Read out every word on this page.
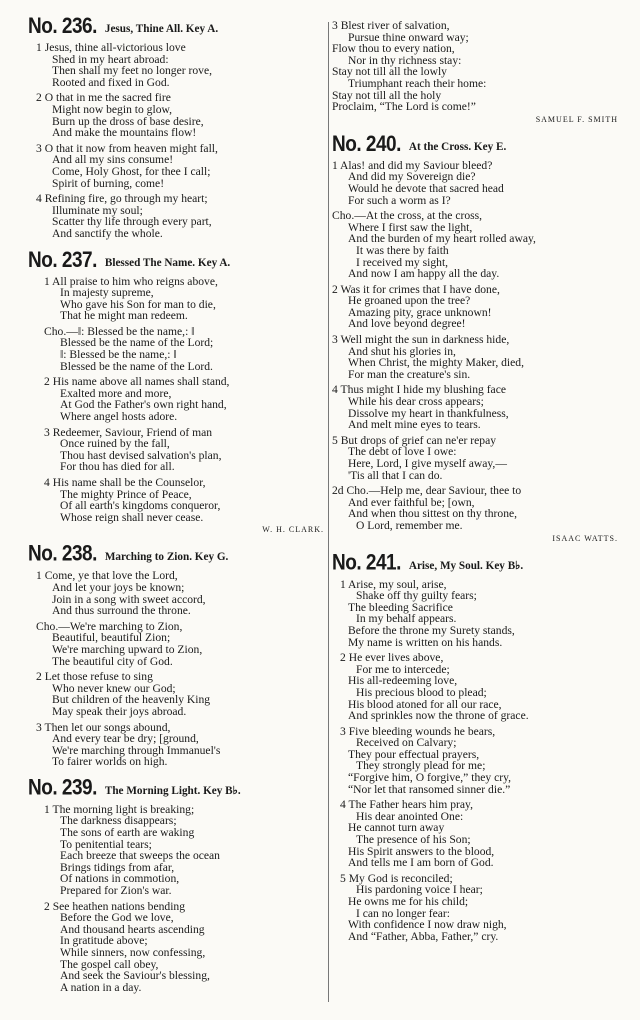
No. 236. Jesus, Thine All. Key A.
1 Jesus, thine all-victorious love
Shed in my heart abroad:
Then shall my feet no longer rove,
Rooted and fixed in God.
2 O that in me the sacred fire
Might now begin to glow,
Burn up the dross of base desire,
And make the mountains flow!
3 O that it now from heaven might fall,
And all my sins consume!
Come, Holy Ghost, for thee I call;
Spirit of burning, come!
4 Refining fire, go through my heart;
Illuminate my soul;
Scatter thy life through every part,
And sanctify the whole.
No. 237. Blessed The Name. Key A.
1 All praise to him who reigns above,
In majesty supreme,
Who gave his Son for man to die,
That he might man redeem.
Cho.—‖: Blessed be the name,: ‖
Blessed be the name of the Lord;
‖: Blessed be the name,: ‖
Blessed be the name of the Lord.
2 His name above all names shall stand,
Exalted more and more,
At God the Father's own right hand,
Where angel hosts adore.
3 Redeemer, Saviour, Friend of man
Once ruined by the fall,
Thou hast devised salvation's plan,
For thou has died for all.
4 His name shall be the Counselor,
The mighty Prince of Peace,
Of all earth's kingdoms conqueror,
Whose reign shall never cease.
W. H. CLARK.
No. 238. Marching to Zion. Key G.
1 Come, ye that love the Lord,
And let your joys be known;
Join in a song with sweet accord,
And thus surround the throne.
Cho.—We're marching to Zion,
Beautiful, beautiful Zion;
We're marching upward to Zion,
The beautiful city of God.
2 Let those refuse to sing
Who never knew our God;
But children of the heavenly King
May speak their joys abroad.
3 Then let our songs abound,
And every tear be dry; [ground,
We're marching through Immanuel's
To fairer worlds on high.
No. 239. The Morning Light. Key B♭.
1 The morning light is breaking;
The darkness disappears;
The sons of earth are waking
To penitential tears;
Each breeze that sweeps the ocean
Brings tidings from afar,
Of nations in commotion,
Prepared for Zion's war.
2 See heathen nations bending
Before the God we love,
And thousand hearts ascending
In gratitude above;
While sinners, now confessing,
The gospel call obey,
And seek the Saviour's blessing,
A nation in a day.
3 Blest river of salvation,
Pursue thine onward way;
Flow thou to every nation,
Nor in thy richness stay:
Stay not till all the lowly
Triumphant reach their home:
Stay not till all the holy
Proclaim, “The Lord is come!”
SAMUEL F. SMITH
No. 240. At the Cross. Key E.
1 Alas! and did my Saviour bleed?
And did my Sovereign die?
Would he devote that sacred head
For such a worm as I?
Cho.—At the cross, at the cross,
Where I first saw the light,
And the burden of my heart rolled away,
It was there by faith
I received my sight,
And now I am happy all the day.
2 Was it for crimes that I have done,
He groaned upon the tree?
Amazing pity, grace unknown!
And love beyond degree!
3 Well might the sun in darkness hide,
And shut his glories in,
When Christ, the mighty Maker, died,
For man the creature's sin.
4 Thus might I hide my blushing face
While his dear cross appears;
Dissolve my heart in thankfulness,
And melt mine eyes to tears.
5 But drops of grief can ne'er repay
The debt of love I owe:
Here, Lord, I give myself away,—
'Tis all that I can do.
2d Cho.—Help me, dear Saviour, thee to
And ever faithful be; [own,
And when thou sittest on thy throne,
O Lord, remember me.
ISAAC WATTS.
No. 241. Arise, My Soul. Key B♭.
1 Arise, my soul, arise,
Shake off thy guilty fears;
The bleeding Sacrifice
In my behalf appears.
Before the throne my Surety stands,
My name is written on his hands.
2 He ever lives above,
For me to intercede;
His all-redeeming love,
His precious blood to plead;
His blood atoned for all our race,
And sprinkles now the throne of grace.
3 Five bleeding wounds he bears,
Received on Calvary;
They pour effectual prayers,
They strongly plead for me;
“Forgive him, O forgive,” they cry,
“Nor let that ransomed sinner die.”
4 The Father hears him pray,
His dear anointed One:
He cannot turn away
The presence of his Son;
His Spirit answers to the blood,
And tells me I am born of God.
5 My God is reconciled;
His pardoning voice I hear;
He owns me for his child;
I can no longer fear:
With confidence I now draw nigh,
And “Father, Abba, Father,” cry.
